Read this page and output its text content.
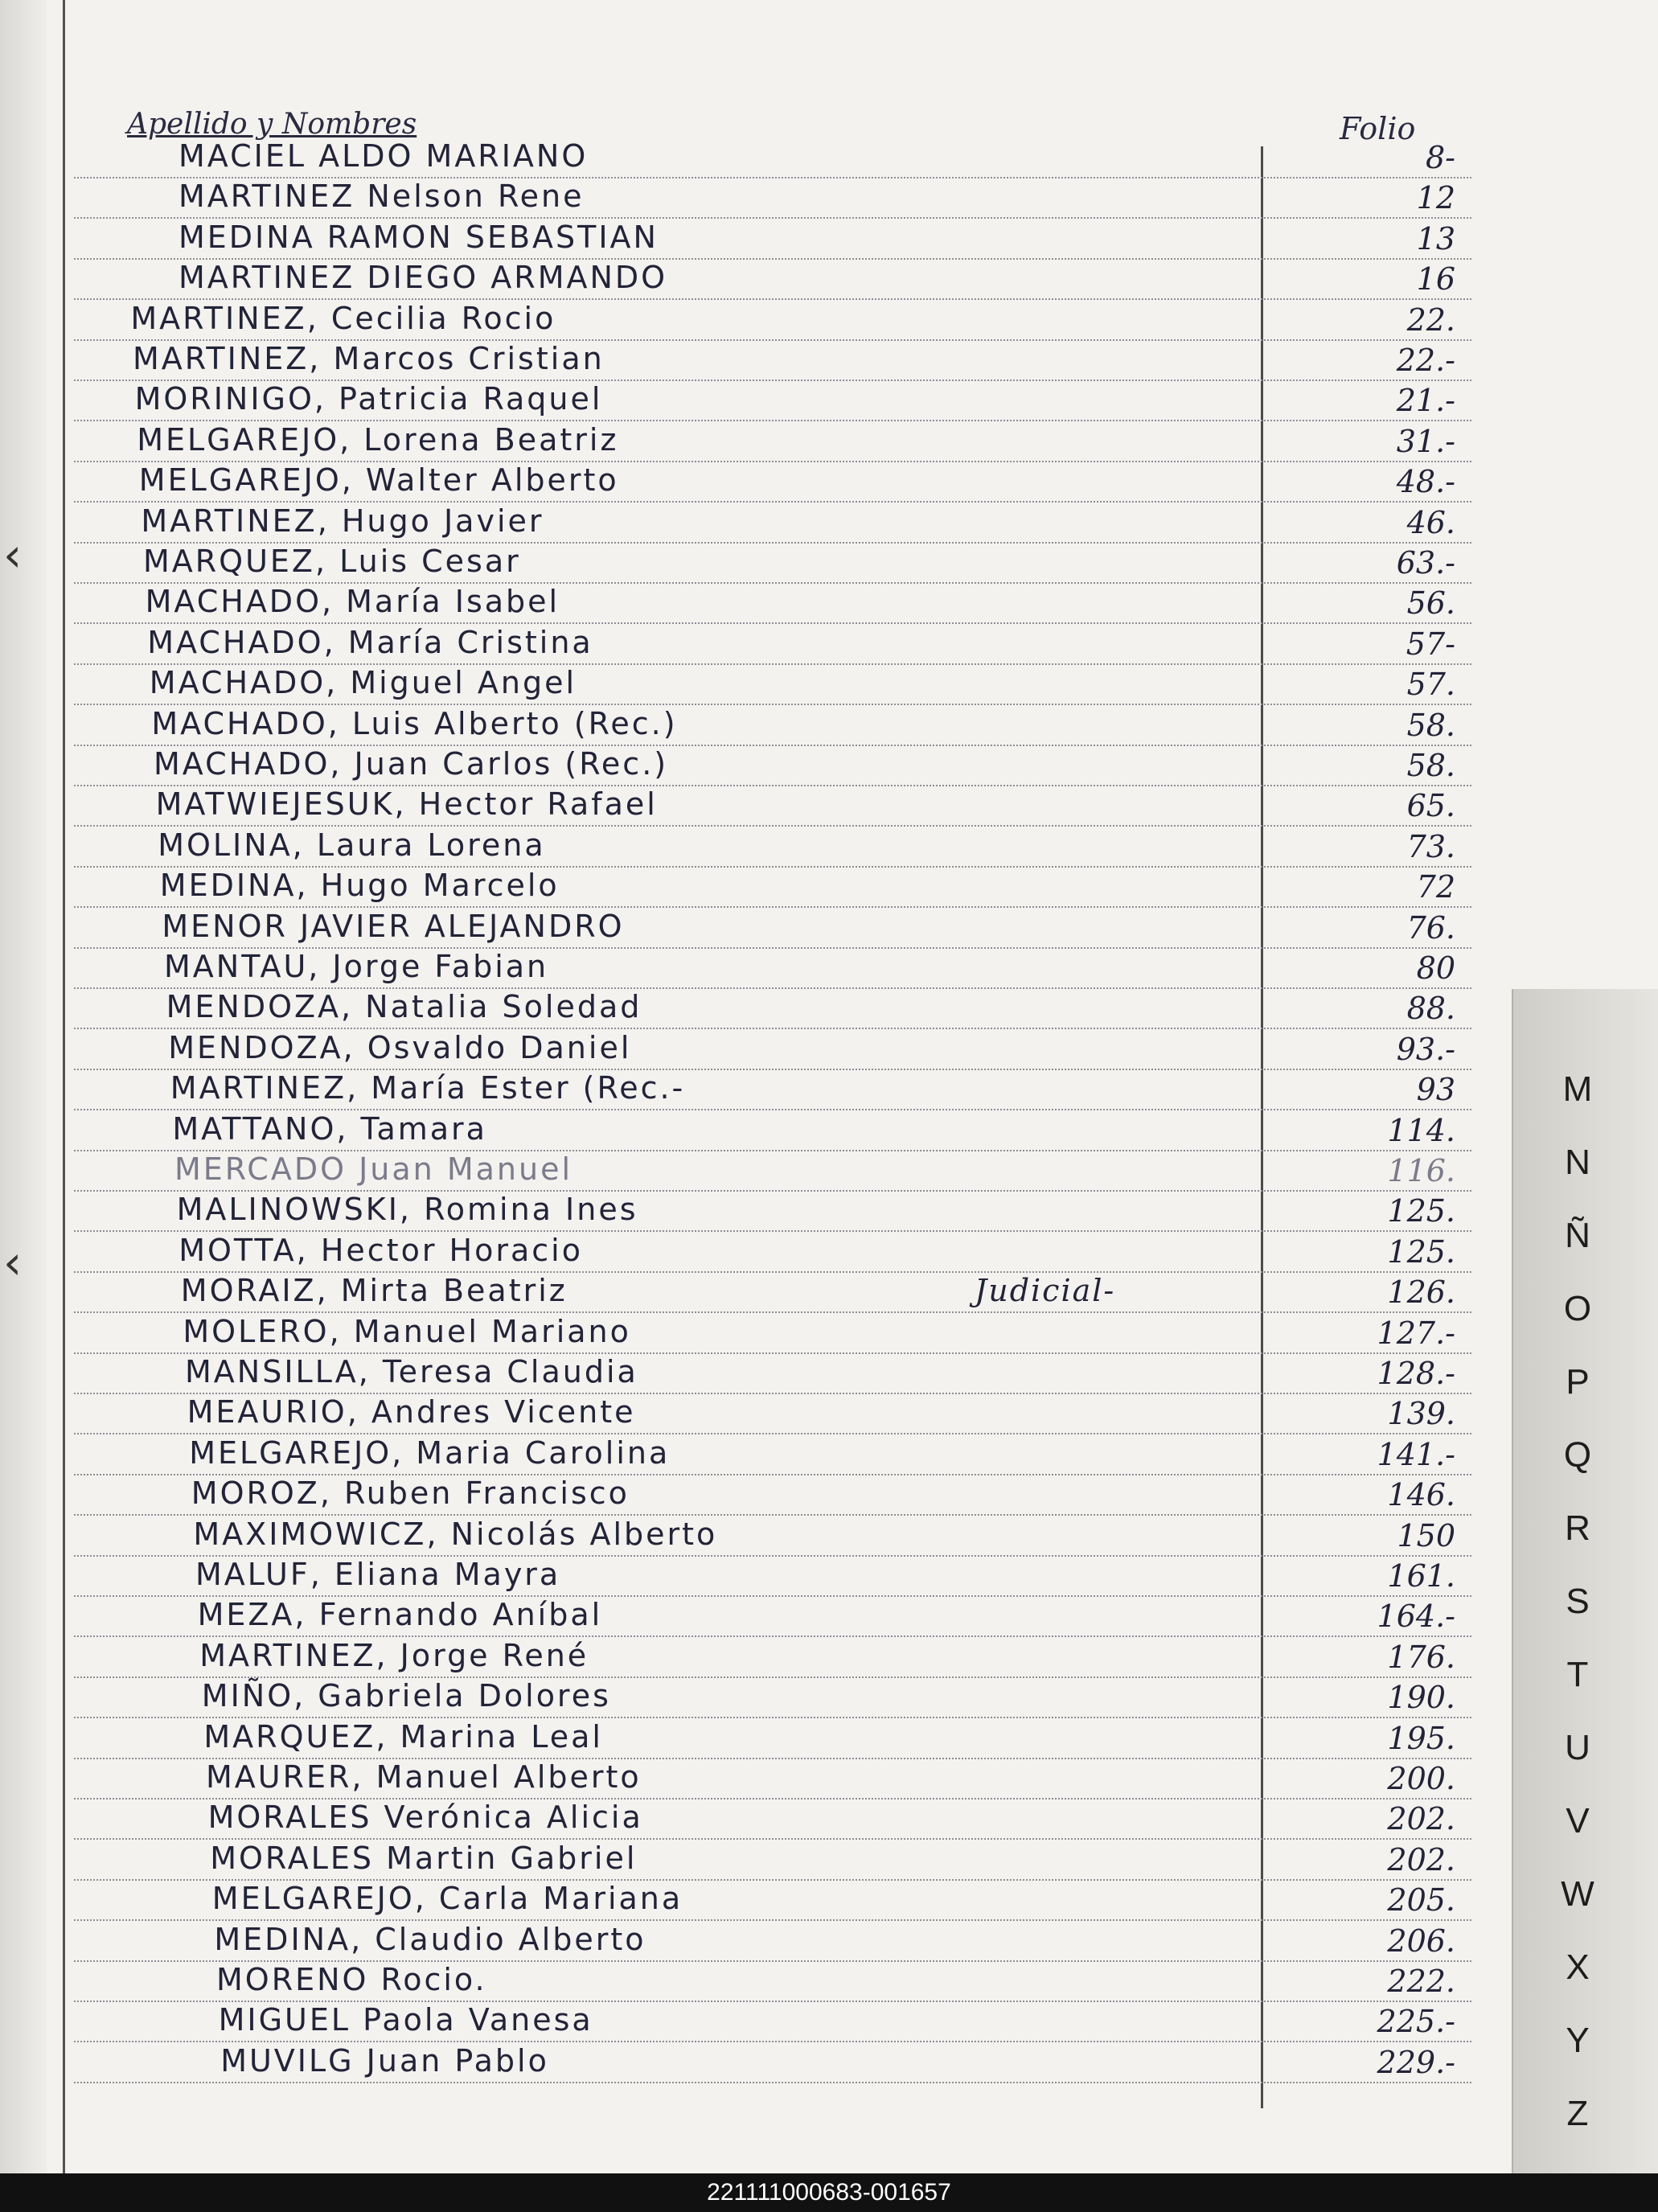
‹
‹
Apellido y Nombres	Folio
MACIEL ALDO MARIANO	8-
MARTINEZ Nelson Rene	12
MEDINA RAMON SEBASTIAN	13
MARTINEZ DIEGO ARMANDO	16
MARTINEZ, Cecilia Rocio	22.
MARTINEZ, Marcos Cristian	22.-
MORINIGO, Patricia Raquel	21.-
MELGAREJO, Lorena Beatriz	31.-
MELGAREJO, Walter Alberto	48.-
MARTINEZ, Hugo Javier	46.
MARQUEZ, Luis Cesar	63.-
MACHADO, María Isabel	56.
MACHADO, María Cristina	57-
MACHADO, Miguel Angel	57.
MACHADO, Luis Alberto (Rec.)	58.
MACHADO, Juan Carlos (Rec.)	58.
MATWIEJESUK, Hector Rafael	65.
MOLINA, Laura Lorena	73.
MEDINA, Hugo Marcelo	72
MENOR JAVIER ALEJANDRO	76.
MANTAU, Jorge Fabian	80
MENDOZA, Natalia Soledad	88.
MENDOZA, Osvaldo Daniel	93.-
MARTINEZ, María Ester (Rec.-	93
MATTANO, Tamara	114.
MERCADO Juan Manuel	116.
MALINOWSKI, Romina Ines	125.
MOTTA, Hector Horacio	125.
MORAIZ, Mirta Beatriz	Judicial-	126.
MOLERO, Manuel Mariano	127.-
MANSILLA, Teresa Claudia	128.-
MEAURIO, Andres Vicente	139.
MELGAREJO, Maria Carolina	141.-
MOROZ, Ruben Francisco	146.
MAXIMOWICZ, Nicolás Alberto	150
MALUF, Eliana Mayra	161.
MEZA, Fernando Aníbal	164.-
MARTINEZ, Jorge René	176.
MIÑO, Gabriela Dolores	190.
MARQUEZ, Marina Leal	195.
MAURER, Manuel Alberto	200.
MORALES Verónica Alicia	202.
MORALES Martin Gabriel	202.
MELGAREJO, Carla Mariana	205.
MEDINA, Claudio Alberto	206.
MORENO Rocio.	222.
MIGUEL Paola Vanesa	225.-
MUVILG Juan Pablo	229.-
M
N
Ñ
O
P
Q
R
S
T
U
V
W
X
Y
Z
221111000683-001657
